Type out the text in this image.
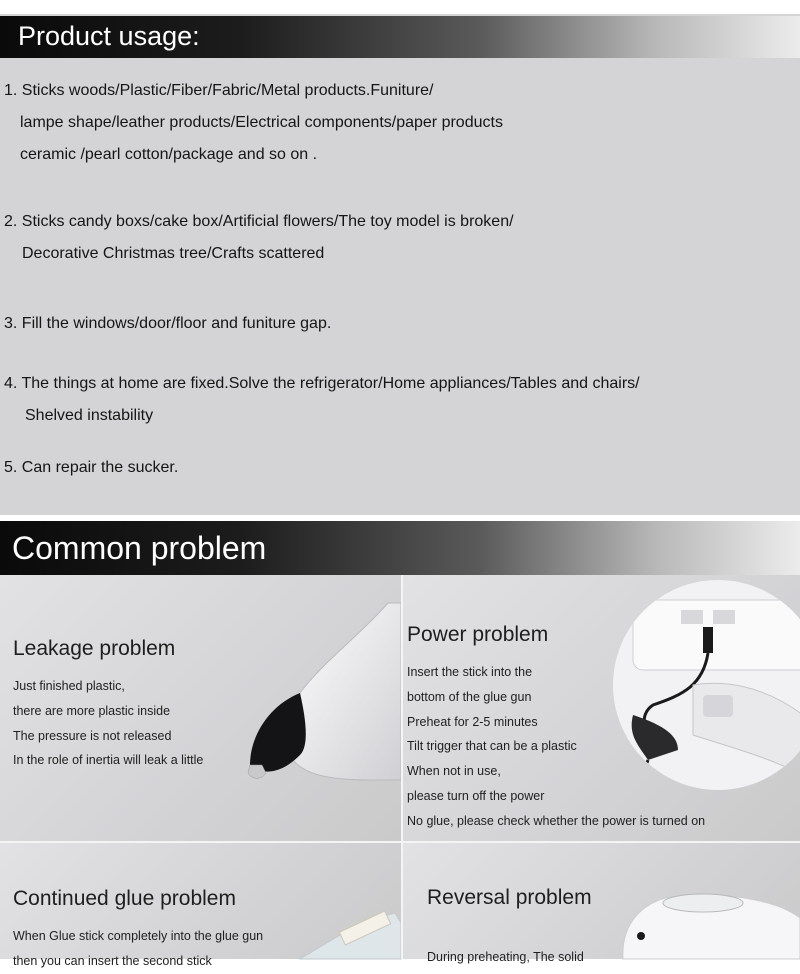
Product usage:
1. Sticks woods/Plastic/Fiber/Fabric/Metal products.Funiture/
lampe shape/leather products/Electrical components/paper products
ceramic /pearl cotton/package and so on .
2. Sticks candy boxs/cake box/Artificial flowers/The toy model is broken/
Decorative Christmas tree/Crafts scattered
3. Fill the windows/door/floor and funiture gap.
4. The things at home are fixed.Solve the refrigerator/Home appliances/Tables and chairs/
Shelved instability
5. Can repair the sucker.
Common problem
Leakage problem
Just finished plastic,
there are more plastic inside
The pressure is not released
In the role of inertia will leak a little
Power problem
Insert the stick into the
bottom of the glue gun
Preheat for 2-5 minutes
Tilt trigger that can be a plastic
When not in use,
please turn off the power
No glue, please check whether the power is turned on
Continued glue problem
When Glue stick completely into the glue gun
then you can insert the second stick
Reversal problem
During preheating, The solid
